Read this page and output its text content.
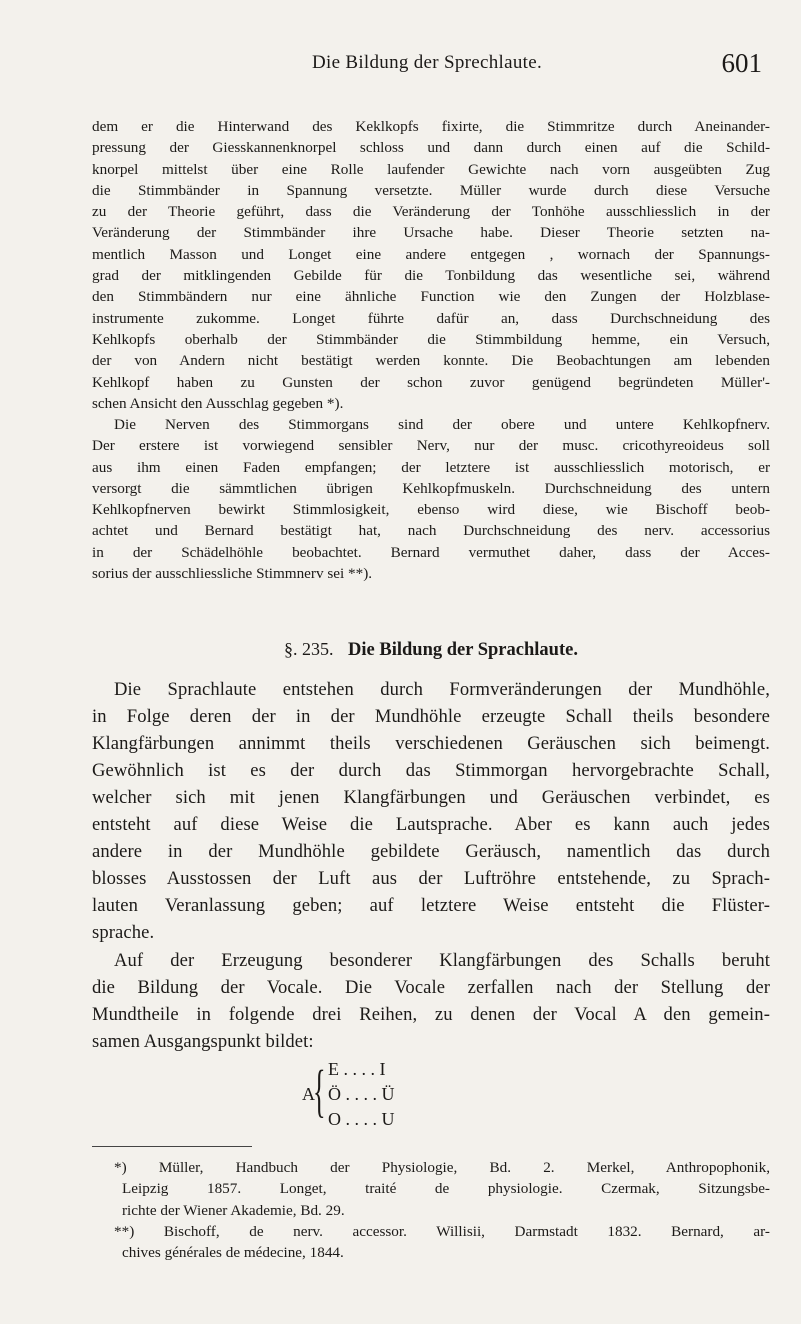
Die Bildung der Sprechlaute.	601
dem er die Hinterwand des Keklkopfs fixirte, die Stimmritze durch Aneinander-
pressung der Giesskannenknorpel schloss und dann durch einen auf die Schild-
knorpel mittelst über eine Rolle laufender Gewichte nach vorn ausgeübten Zug
die Stimmbänder in Spannung versetzte. Müller wurde durch diese Versuche
zu der Theorie geführt, dass die Veränderung der Tonhöhe ausschliesslich in der
Veränderung der Stimmbänder ihre Ursache habe. Dieser Theorie setzten na-
mentlich Masson und Longet eine andere entgegen , wornach der Spannungs-
grad der mitklingenden Gebilde für die Tonbildung das wesentliche sei, während
den Stimmbändern nur eine ähnliche Function wie den Zungen der Holzblase-
instrumente zukomme. Longet führte dafür an, dass Durchschneidung des
Kehlkopfs oberhalb der Stimmbänder die Stimmbildung hemme, ein Versuch,
der von Andern nicht bestätigt werden konnte. Die Beobachtungen am lebenden
Kehlkopf haben zu Gunsten der schon zuvor genügend begründeten Müller'-
schen Ansicht den Ausschlag gegeben *).
Die Nerven des Stimmorgans sind der obere und untere Kehlkopfnerv.
Der erstere ist vorwiegend sensibler Nerv, nur der musc. cricothyreoideus soll
aus ihm einen Faden empfangen; der letztere ist ausschliesslich motorisch, er
versorgt die sämmtlichen übrigen Kehlkopfmuskeln. Durchschneidung des untern
Kehlkopfnerven bewirkt Stimmlosigkeit, ebenso wird diese, wie Bischoff beob-
achtet und Bernard bestätigt hat, nach Durchschneidung des nerv. accessorius
in der Schädelhöhle beobachtet. Bernard vermuthet daher, dass der Acces-
sorius der ausschliessliche Stimmnerv sei **).
§. 235. Die Bildung der Sprachlaute.
Die Sprachlaute entstehen durch Formveränderungen der Mundhöhle,
in Folge deren der in der Mundhöhle erzeugte Schall theils besondere
Klangfärbungen annimmt theils verschiedenen Geräuschen sich beimengt.
Gewöhnlich ist es der durch das Stimmorgan hervorgebrachte Schall,
welcher sich mit jenen Klangfärbungen und Geräuschen verbindet, es
entsteht auf diese Weise die Lautsprache. Aber es kann auch jedes
andere in der Mundhöhle gebildete Geräusch, namentlich das durch
blosses Ausstossen der Luft aus der Luftröhre entstehende, zu Sprach-
lauten Veranlassung geben; auf letztere Weise entsteht die Flüster-
sprache.
Auf der Erzeugung besonderer Klangfärbungen des Schalls beruht
die Bildung der Vocale. Die Vocale zerfallen nach der Stellung der
Mundtheile in folgende drei Reihen, zu denen der Vocal A den gemein-
samen Ausgangspunkt bildet:
A
{ E . . . . I
Ö . . . . Ü
O . . . . U
*) Müller, Handbuch der Physiologie, Bd. 2. Merkel, Anthropophonik,
Leipzig 1857. Longet, traité de physiologie. Czermak, Sitzungsbe-
richte der Wiener Akademie, Bd. 29.
**) Bischoff, de nerv. accessor. Willisii, Darmstadt 1832. Bernard, ar-
chives générales de médecine, 1844.
